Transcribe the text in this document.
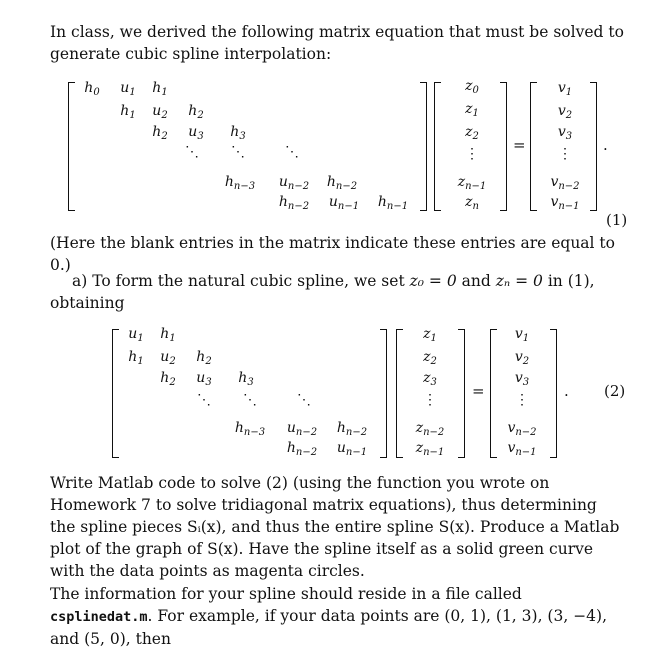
In class, we derived the following matrix equation that must be solved to generate cubic spline interpolation:

$h_0$ $u_1$ $h_1$
$h_1$ $u_2$ $h_2$
$h_2$ $u_3$ $h_3$
⋱ ⋱	⋱
$h_{n-3}$ $u_{n-2}$ $h_{n-2}$
$h_{n-2}$ $u_{n-1}$ $h_{n-1}$
$z_0$
$z_1$
$z_2$
⋮
$z_{n-1}$
$z_n$
=
$v_1$
$v_2$
$v_3$
⋮
$v_{n-2}$
$v_{n-1}$
.
(1)

(Here the blank entries in the matrix indicate these entries are equal to 0.)

a) To form the natural cubic spline, we set z₀ = 0 and zₙ = 0 in (1), obtaining

$u_1$ $h_1$
$h_1$ $u_2$ $h_2$
$h_2$ $u_3$ $h_3$
⋱ ⋱	⋱
$h_{n-3}$ $u_{n-2}$ $h_{n-2}$
$h_{n-2}$ $u_{n-1}$
$z_1$
$z_2$
$z_3$
⋮
$z_{n-2}$
$z_{n-1}$
=
$v_1$
$v_2$
$v_3$
⋮
$v_{n-2}$
$v_{n-1}$
. (2)

Write Matlab code to solve (2) (using the function you wrote on Homework 7 to solve tridiagonal matrix equations), thus determining the spline pieces Sᵢ(x), and thus the entire spline S(x). Produce a Matlab plot of the graph of S(x). Have the spline itself as a solid green curve with the data points as magenta circles.

The information for your spline should reside in a file called csplinedat.m. For example, if your data points are (0, 1), (1, 3), (3, −4), and (5, 0), then
